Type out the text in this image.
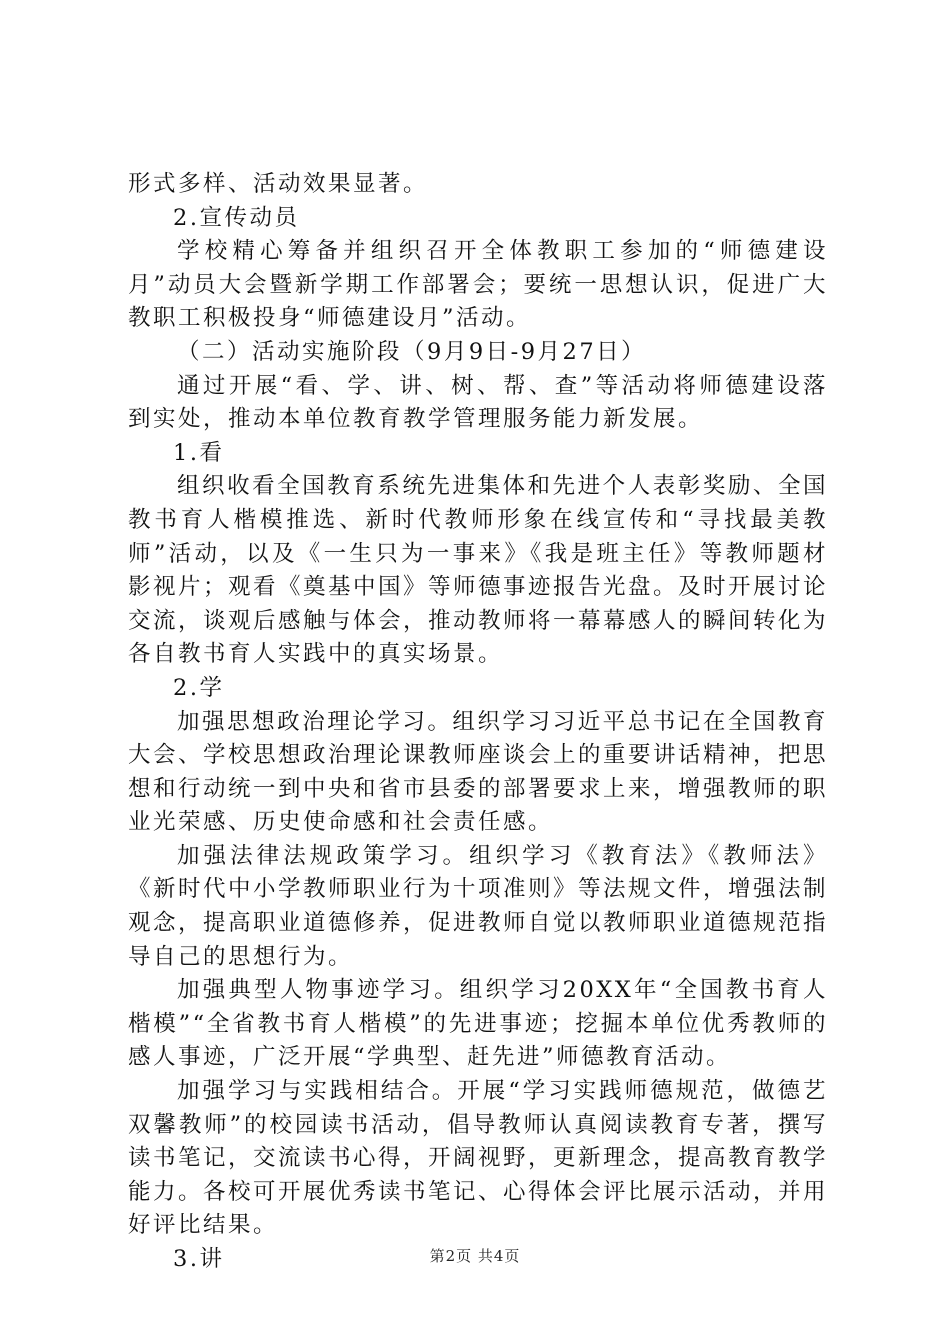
形式多样、活动效果显著。

2.宣传动员

学校精心筹备并组织召开全体教职工参加的“师德建设月”动员大会暨新学期工作部署会；要统一思想认识，促进广大教职工积极投身“师德建设月”活动。

（二）活动实施阶段（9月9日-9月27日）

通过开展“看、学、讲、树、帮、查”等活动将师德建设落到实处，推动本单位教育教学管理服务能力新发展。

1.看

组织收看全国教育系统先进集体和先进个人表彰奖励、全国教书育人楷模推选、新时代教师形象在线宣传和“寻找最美教师”活动，以及《一生只为一事来》《我是班主任》等教师题材影视片；观看《奠基中国》等师德事迹报告光盘。及时开展讨论交流，谈观后感触与体会，推动教师将一幕幕感人的瞬间转化为各自教书育人实践中的真实场景。

2.学

加强思想政治理论学习。组织学习习近平总书记在全国教育大会、学校思想政治理论课教师座谈会上的重要讲话精神，把思想和行动统一到中央和省市县委的部署要求上来，增强教师的职业光荣感、历史使命感和社会责任感。

加强法律法规政策学习。组织学习《教育法》《教师法》《新时代中小学教师职业行为十项准则》等法规文件，增强法制观念，提高职业道德修养，促进教师自觉以教师职业道德规范指导自己的思想行为。

加强典型人物事迹学习。组织学习20XX年“全国教书育人楷模”“全省教书育人楷模”的先进事迹；挖掘本单位优秀教师的感人事迹，广泛开展“学典型、赶先进”师德教育活动。

加强学习与实践相结合。开展“学习实践师德规范，做德艺双馨教师”的校园读书活动，倡导教师认真阅读教育专著，撰写读书笔记，交流读书心得，开阔视野，更新理念，提高教育教学能力。各校可开展优秀读书笔记、心得体会评比展示活动，并用好评比结果。

3.讲	第2页 共4页
